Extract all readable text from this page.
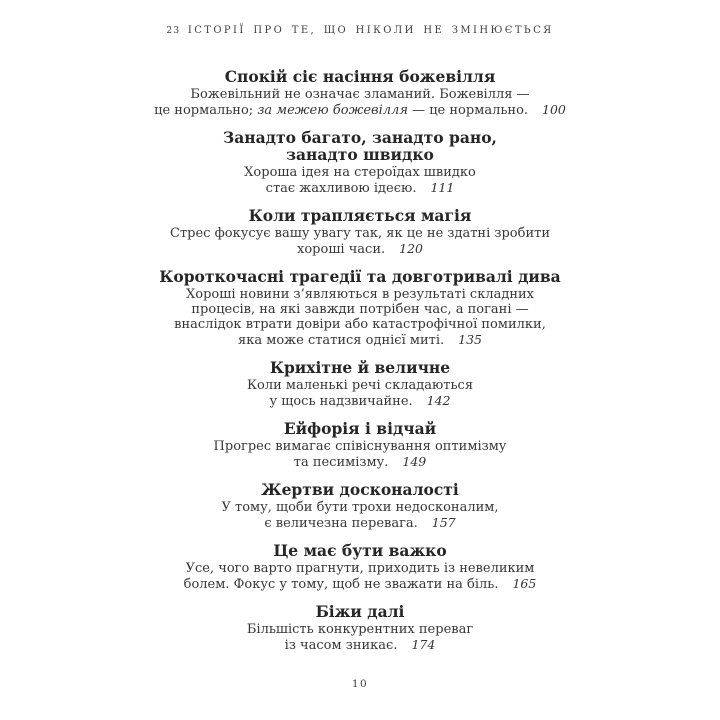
23 ІСТОРІЇ ПРО ТЕ, ЩО НІКОЛИ НЕ ЗМІНЮЄТЬСЯ
Спокій сіє насіння божевілля
Божевільний не означає зламаний. Божевілля —
це нормально; за межею божевілля — це нормально. 100
Занадто багато, занадто рано,
занадто швидко
Хороша ідея на стероїдах швидко
стає жахливою ідеєю. 111
Коли трапляється магія
Стрес фокусує вашу увагу так, як це не здатні зробити
хороші часи. 120
Короткочасні трагедії та довготривалі дива
Хороші новини з’являються в результаті складних
процесів, на які завжди потрібен час, а погані —
внаслідок втрати довіри або катастрофічної помилки,
яка може статися однієї миті. 135
Крихітне й величне
Коли маленькі речі складаються
у щось надзвичайне. 142
Ейфорія і відчай
Прогрес вимагає співіснування оптимізму
та песимізму. 149
Жертви досконалості
У тому, щоби бути трохи недосконалим,
є величезна перевага. 157
Це має бути важко
Усе, чого варто прагнути, приходить із невеликим
болем. Фокус у тому, щоб не зважати на біль. 165
Біжи далі
Більшість конкурентних переваг
із часом зникає. 174
10
